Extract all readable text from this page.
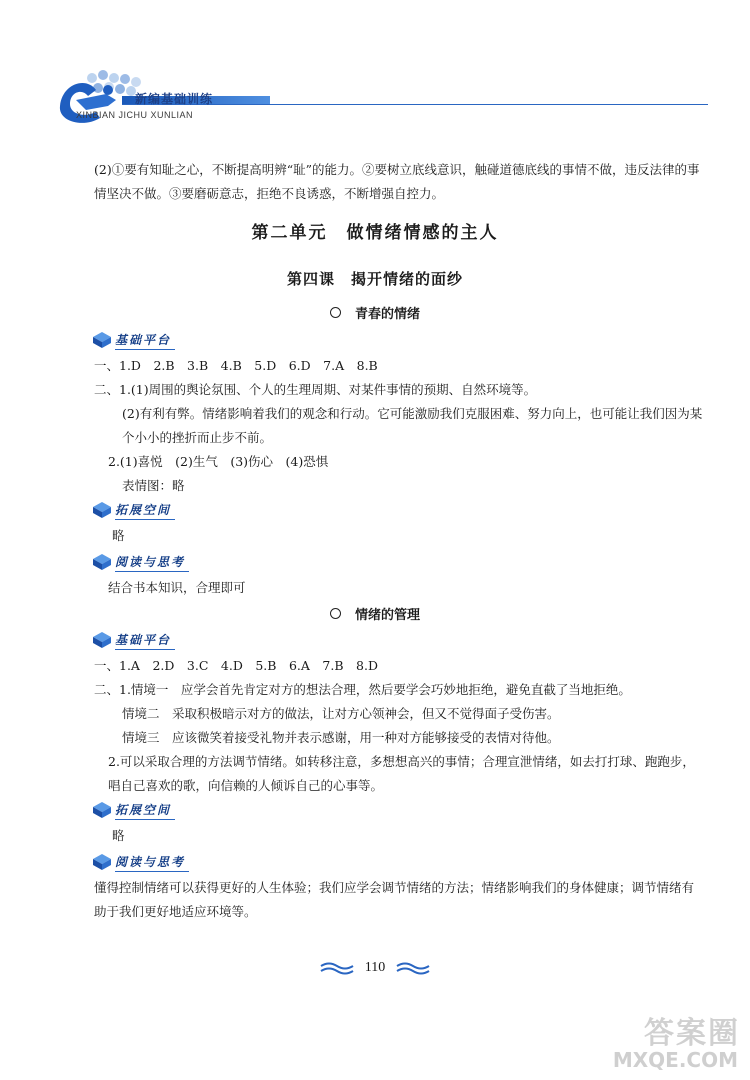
新编基础训练
XINBIAN JICHU XUNLIAN
(2)①要有知耻之心，不断提高明辨“耻”的能力。②要树立底线意识，触碰道德底线的事情不做，违反法律的事情坚决不做。③要磨砺意志，拒绝不良诱惑，不断增强自控力。
第二单元　做情绪情感的主人
第四课　揭开情绪的面纱
青春的情绪
基础平台
一、1.D　2.B　3.B　4.B　5.D　6.D　7.A　8.B
二、1.(1)周围的舆论氛围、个人的生理周期、对某件事情的预期、自然环境等。
(2)有利有弊。情绪影响着我们的观念和行动。它可能激励我们克服困难、努力向上，也可能让我们因为某个小小的挫折而止步不前。
2.(1)喜悦　(2)生气　(3)伤心　(4)恐惧
表情图：略
拓展空间
略
阅读与思考
结合书本知识，合理即可
情绪的管理
基础平台
一、1.A　2.D　3.C　4.D　5.B　6.A　7.B　8.D
二、1.情境一　应学会首先肯定对方的想法合理，然后要学会巧妙地拒绝，避免直截了当地拒绝。
情境二　采取积极暗示对方的做法，让对方心领神会，但又不觉得面子受伤害。
情境三　应该微笑着接受礼物并表示感谢，用一种对方能够接受的表情对待他。
2.可以采取合理的方法调节情绪。如转移注意，多想想高兴的事情；合理宣泄情绪，如去打打球、跑跑步，唱自己喜欢的歌，向信赖的人倾诉自己的心事等。
拓展空间
略
阅读与思考
懂得控制情绪可以获得更好的人生体验；我们应学会调节情绪的方法；情绪影响我们的身体健康；调节情绪有助于我们更好地适应环境等。
110
答案圈
MXQE.COM
